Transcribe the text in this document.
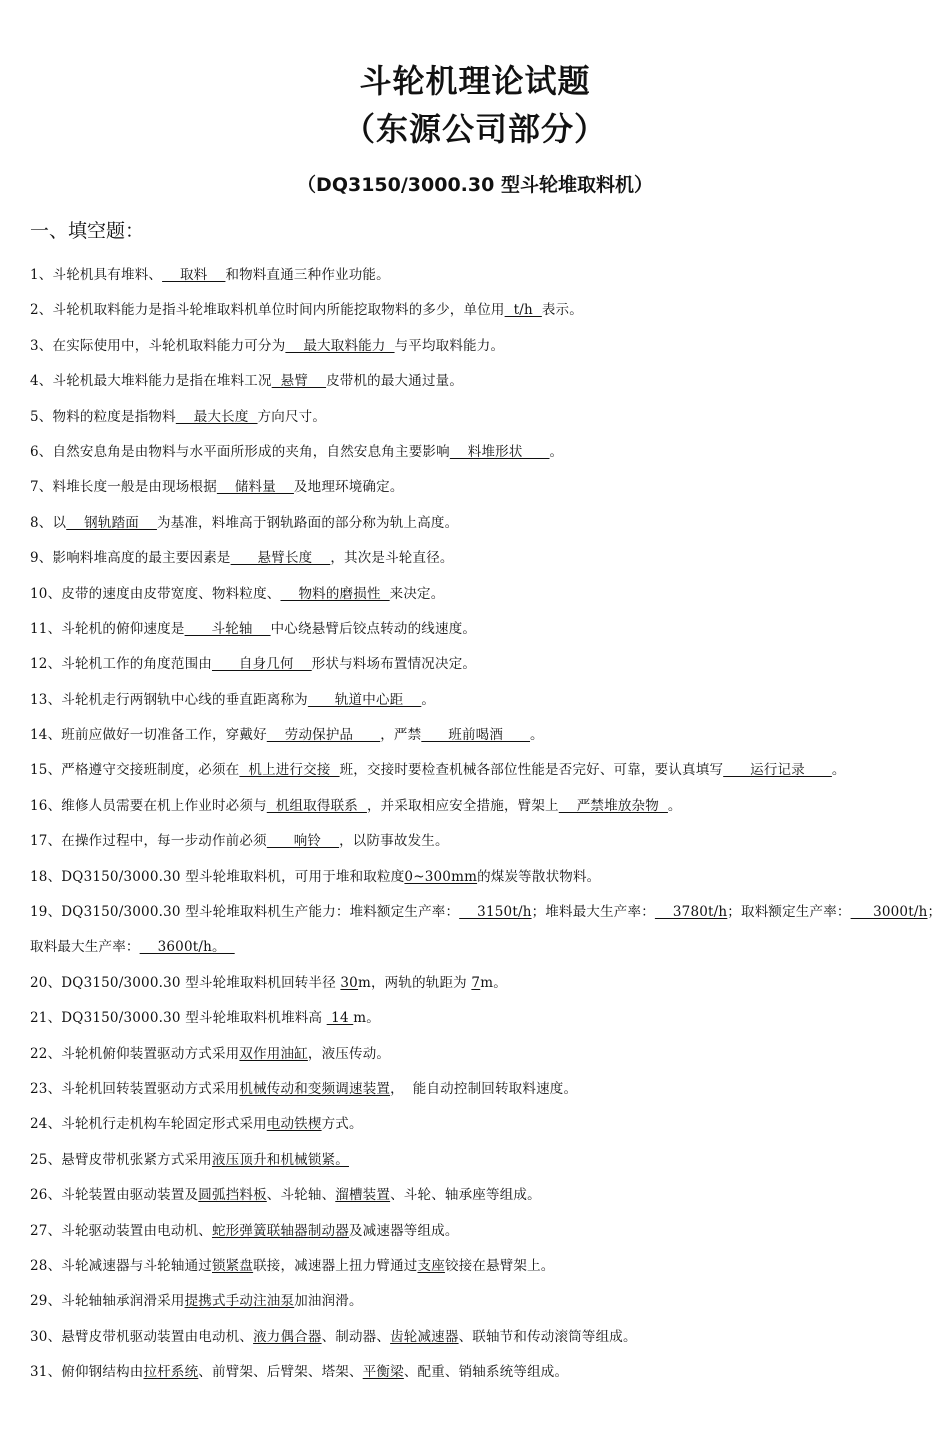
斗轮机理论试题
（东源公司部分）
（DQ3150/3000.30 型斗轮堆取料机）
一、填空题：
1、斗轮机具有堆料、    取料    和物料直通三种作业功能。
2、斗轮机取料能力是指斗轮堆取料机单位时间内所能挖取物料的多少，单位用  t/h  表示。
3、在实际使用中，斗轮机取料能力可分为    最大取料能力  与平均取料能力。
4、斗轮机最大堆料能力是指在堆料工况  悬臂    皮带机的最大通过量。
5、物料的粒度是指物料    最大长度  方向尺寸。
6、自然安息角是由物料与水平面所形成的夹角，自然安息角主要影响    料堆形状      。
7、料堆长度一般是由现场根据    储料量    及地理环境确定。
8、以    钢轨踏面    为基准，料堆高于钢轨路面的部分称为轨上高度。
9、影响料堆高度的最主要因素是      悬臂长度    ，其次是斗轮直径。
10、皮带的速度由皮带宽度、物料粒度、    物料的磨损性  来决定。
11、斗轮机的俯仰速度是      斗轮轴    中心绕悬臂后铰点转动的线速度。
12、斗轮机工作的角度范围由      自身几何    形状与料场布置情况决定。
13、斗轮机走行两钢轨中心线的垂直距离称为      轨道中心距    。
14、班前应做好一切准备工作，穿戴好    劳动保护品      ，严禁      班前喝酒      。
15、严格遵守交接班制度，必须在  机上进行交接  班，交接时要检查机械各部位性能是否完好、可靠，要认真填写      运行记录      。
16、维修人员需要在机上作业时必须与  机组取得联系  ，并采取相应安全措施，臂架上    严禁堆放杂物  。
17、在操作过程中，每一步动作前必须      响铃    ，以防事故发生。
18、DQ3150/3000.30 型斗轮堆取料机，可用于堆和取粒度0~300mm的煤炭等散状物料。
19、DQ3150/3000.30 型斗轮堆取料机生产能力：堆料额定生产率：    3150t/h；堆料最大生产率：    3780t/h；取料额定生产率：     3000t/h；
取料最大生产率：    3600t/h。
20、DQ3150/3000.30 型斗轮堆取料机回转半径 30m，两轨的轨距为 7m。
21、DQ3150/3000.30 型斗轮堆取料机堆料高  14 m。
22、斗轮机俯仰装置驱动方式采用双作用油缸，液压传动。
23、斗轮机回转装置驱动方式采用机械传动和变频调速装置，  能自动控制回转取料速度。
24、斗轮机行走机构车轮固定形式采用电动铁楔方式。
25、悬臂皮带机张紧方式采用液压顶升和机械锁紧。
26、斗轮装置由驱动装置及圆弧挡料板、斗轮轴、溜槽装置、斗轮、轴承座等组成。
27、斗轮驱动装置由电动机、蛇形弹簧联轴器制动器及减速器等组成。
28、斗轮减速器与斗轮轴通过锁紧盘联接，减速器上扭力臂通过支座铰接在悬臂架上。
29、斗轮轴轴承润滑采用提携式手动注油泵加油润滑。
30、悬臂皮带机驱动装置由电动机、液力偶合器、制动器、齿轮减速器、联轴节和传动滚筒等组成。
31、俯仰钢结构由拉杆系统、前臂架、后臂架、塔架、平衡梁、配重、销轴系统等组成。
